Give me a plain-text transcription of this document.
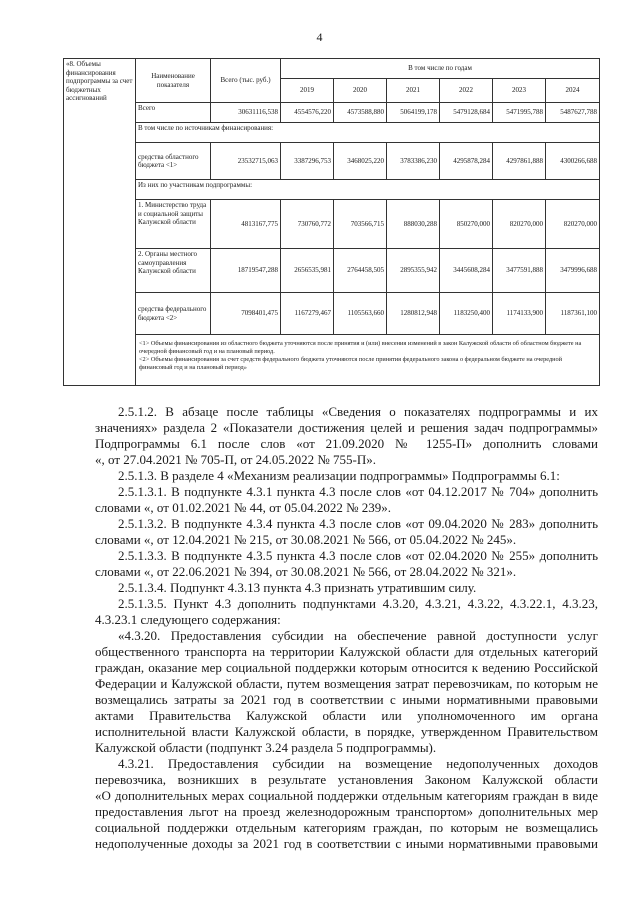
4
«8. Объемы финансирования подпрограммы за счет бюджетных ассигнований	Наименование показателя	Всего (тыс. руб.)	В том числе по годам					
			2019	2020	2021	2022	2023	2024
	Всего	30631116,538	4554576,220	4573588,880	5064199,178	5479128,684	5471995,788	5487627,788
	В том числе по источникам финансирования:							
	средства областного бюджета <1>	23532715,063	3387296,753	3468025,220	3783386,230	4295878,284	4297861,888	4300266,688
	Из них по участникам подпрограммы:							
	1. Министерство труда и социальной защиты Калужской области	4813167,775	730760,772	703566,715	888030,288	850270,000	820270,000	820270,000
	2. Органы местного самоуправления Калужской области	18719547,288	2656535,981	2764458,505	2895355,942	3445608,284	3477591,888	3479996,688
	средства федерального бюджета <2>	7098401,475	1167279,467	1105563,660	1280812,948	1183250,400	1174133,900	1187361,100

	<1> Объемы финансирования из областного бюджета уточняются после принятия и (или) внесения изменений в закон Калужской области об областном бюджете на очередной финансовый год и на плановый период.
<2> Объемы финансирования за счет средств федерального бюджета уточняются после принятия федерального закона о федеральном бюджете на очередной финансовый год и на плановый период»							
2.5.1.2. В абзаце после таблицы «Сведения о показателях подпрограммы и их
значениях» раздела 2 «Показатели достижения целей и решения задач подпрограммы»
Подпрограммы 6.1 после слов «от 21.09.2020 № 1255-П» дополнить словами
«, от 27.04.2021 № 705-П, от 24.05.2022 № 755-П».
2.5.1.3. В разделе 4 «Механизм реализации подпрограммы» Подпрограммы 6.1:
2.5.1.3.1. В подпункте 4.3.1 пункта 4.3 после слов «от 04.12.2017 № 704» дополнить
словами «, от 01.02.2021 № 44, от 05.04.2022 № 239».
2.5.1.3.2. В подпункте 4.3.4 пункта 4.3 после слов «от 09.04.2020 № 283» дополнить
словами «, от 12.04.2021 № 215, от 30.08.2021 № 566, от 05.04.2022 № 245».
2.5.1.3.3. В подпункте 4.3.5 пункта 4.3 после слов «от 02.04.2020 № 255» дополнить
словами «, от 22.06.2021 № 394, от 30.08.2021 № 566, от 28.04.2022 № 321».
2.5.1.3.4. Подпункт 4.3.13 пункта 4.3 признать утратившим силу.
2.5.1.3.5. Пункт 4.3 дополнить подпунктами 4.3.20, 4.3.21, 4.3.22, 4.3.22.1, 4.3.23,
4.3.23.1 следующего содержания:
«4.3.20. Предоставления субсидии на обеспечение равной доступности услуг
общественного транспорта на территории Калужской области для отдельных категорий
граждан, оказание мер социальной поддержки которым относится к ведению Российской
Федерации и Калужской области, путем возмещения затрат перевозчикам, по которым не
возмещались затраты за 2021 год в соответствии с иными нормативными правовыми
актами Правительства Калужской области или уполномоченного им органа
исполнительной власти Калужской области, в порядке, утвержденном Правительством
Калужской области (подпункт 3.24 раздела 5 подпрограммы).
4.3.21. Предоставления субсидии на возмещение недополученных доходов
перевозчика, возникших в результате установления Законом Калужской области
«О дополнительных мерах социальной поддержки отдельным категориям граждан в виде
предоставления льгот на проезд железнодорожным транспортом» дополнительных мер
социальной поддержки отдельным категориям граждан, по которым не возмещались
недополученные доходы за 2021 год в соответствии с иными нормативными правовыми
